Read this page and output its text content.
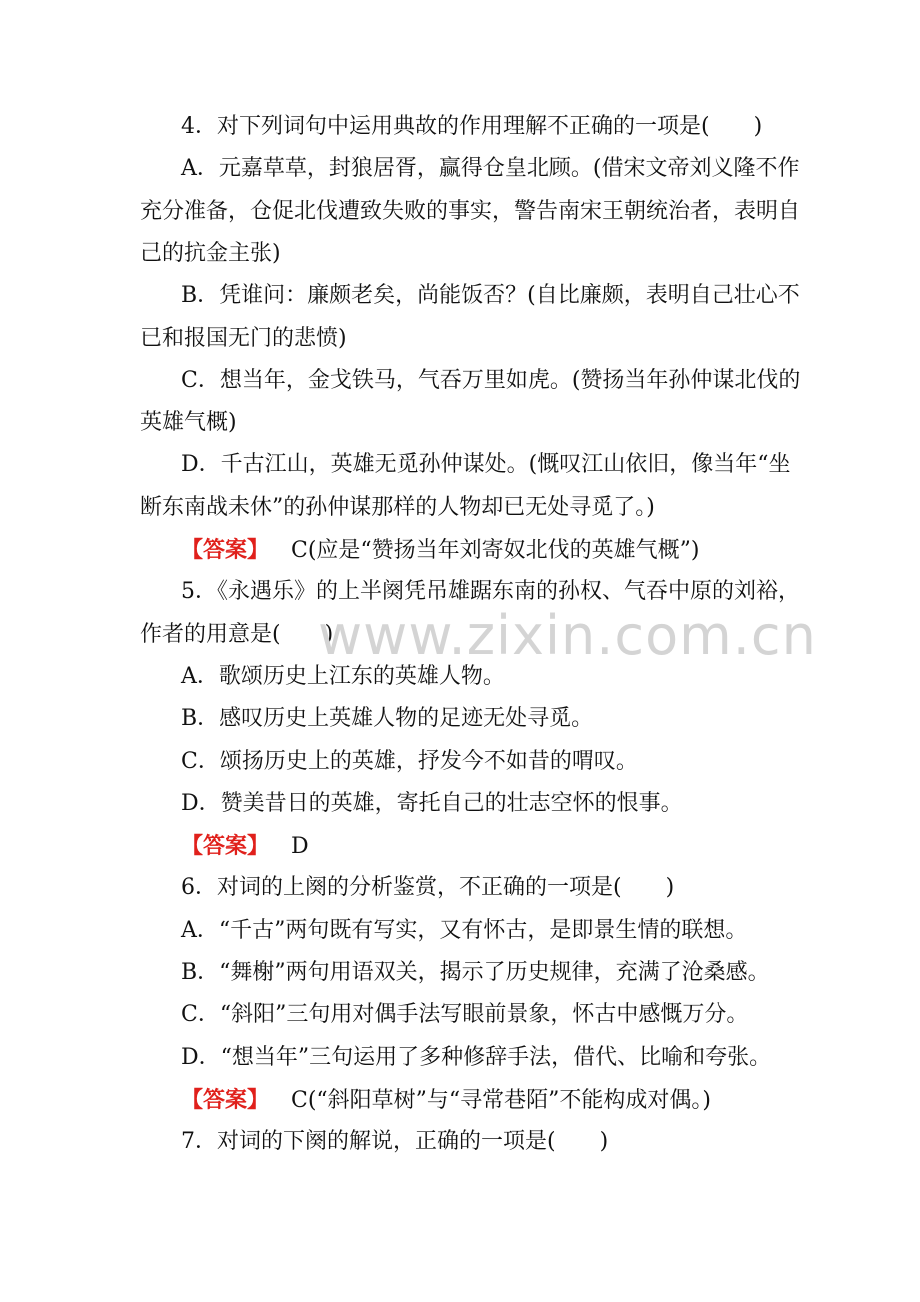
4．对下列词句中运用典故的作用理解不正确的一项是(　　)
A．元嘉草草，封狼居胥，赢得仓皇北顾。(借宋文帝刘义隆不作
充分准备，仓促北伐遭致失败的事实，警告南宋王朝统治者，表明自
己的抗金主张)
B．凭谁问：廉颇老矣，尚能饭否？(自比廉颇，表明自己壮心不
已和报国无门的悲愤)
C．想当年，金戈铁马，气吞万里如虎。(赞扬当年孙仲谋北伐的
英雄气概)
D．千古江山，英雄无觅孙仲谋处。(慨叹江山依旧，像当年“坐
断东南战未休”的孙仲谋那样的人物却已无处寻觅了。)
【答案】 C(应是“赞扬当年刘寄奴北伐的英雄气概”)
5．《永遇乐》的上半阕凭吊雄踞东南的孙权、气吞中原的刘裕，
作者的用意是(　　)
A．歌颂历史上江东的英雄人物。
B．感叹历史上英雄人物的足迹无处寻觅。
C．颂扬历史上的英雄，抒发今不如昔的喟叹。
D．赞美昔日的英雄，寄托自己的壮志空怀的恨事。
【答案】 D
6．对词的上阕的分析鉴赏，不正确的一项是(　　)
A．“千古”两句既有写实，又有怀古，是即景生情的联想。
B．“舞榭”两句用语双关，揭示了历史规律，充满了沧桑感。
C．“斜阳”三句用对偶手法写眼前景象，怀古中感慨万分。
D．“想当年”三句运用了多种修辞手法，借代、比喻和夸张。
【答案】 C(“斜阳草树”与“寻常巷陌”不能构成对偶。)
7．对词的下阕的解说，正确的一项是(　　)
www.zixin.com.cn
